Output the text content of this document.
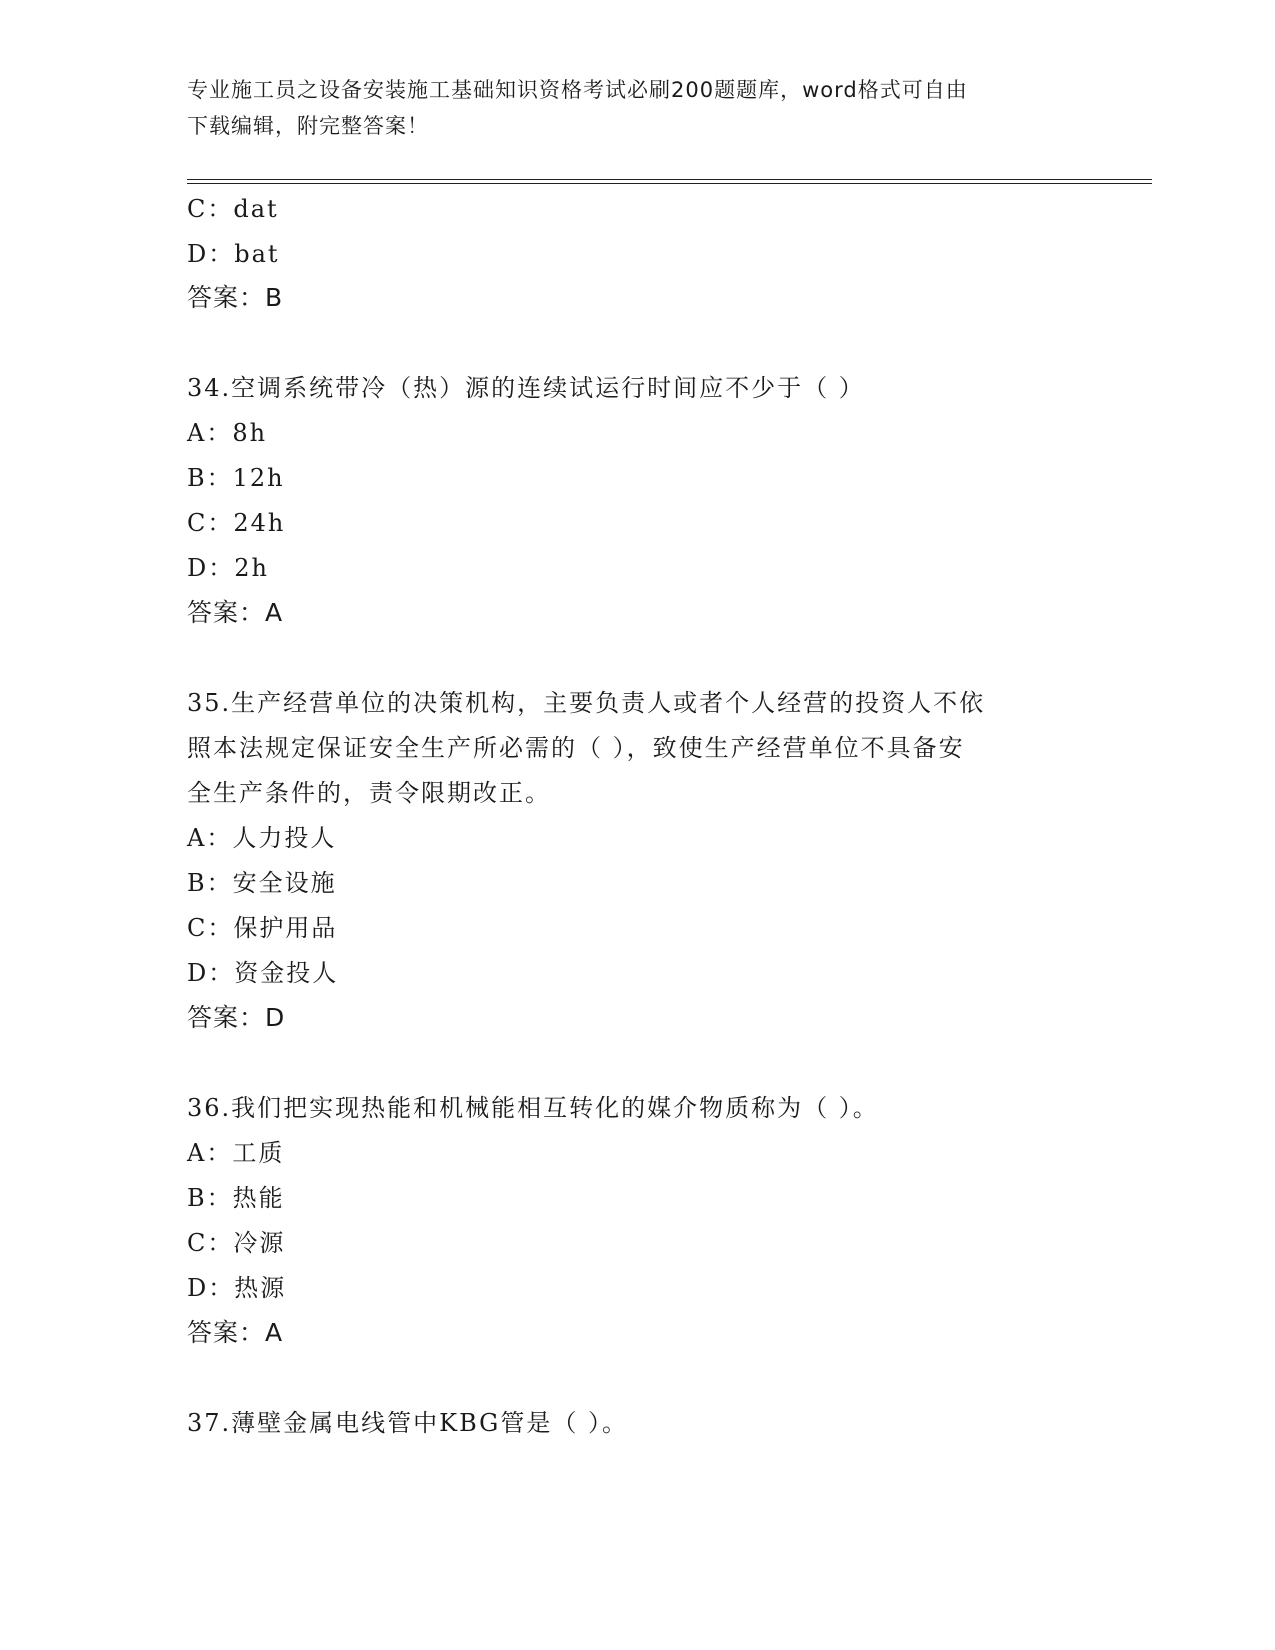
专业施工员之设备安装施工基础知识资格考试必刷200题题库，word格式可自由
下载编辑，附完整答案！
C：dat
D：bat
答案：B
34.空调系统带冷（热）源的连续试运行时间应不少于（ ）
A：8h
B：12h
C：24h
D：2h
答案：A
35.生产经营单位的决策机构，主要负责人或者个人经营的投资人不依
照本法规定保证安全生产所必需的（ ），致使生产经营单位不具备安
全生产条件的，责令限期改正。
A：人力投人
B：安全设施
C：保护用品
D：资金投人
答案：D
36.我们把实现热能和机械能相互转化的媒介物质称为（ ）。
A：工质
B：热能
C：冷源
D：热源
答案：A
37.薄壁金属电线管中KBG管是（ ）。
